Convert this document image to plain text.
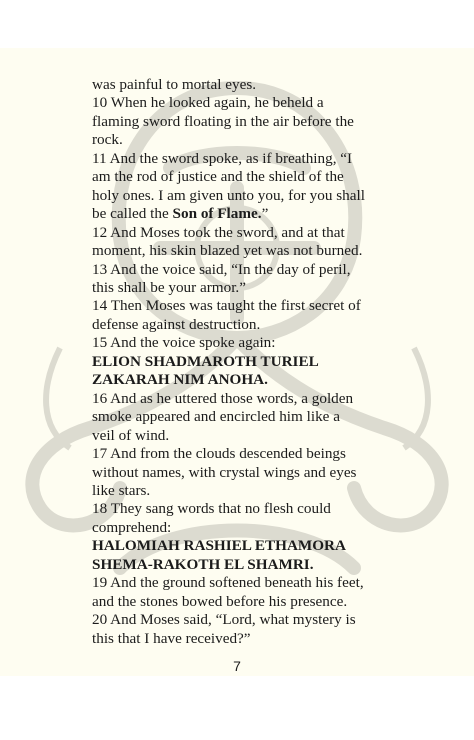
was painful to mortal eyes.

10 When he looked again, he beheld a

flaming sword floating in the air before the

rock.

11 And the sword spoke, as if breathing, “I

am the rod of justice and the shield of the

holy ones. I am given unto you, for you shall

be called the Son of Flame.”

12 And Moses took the sword, and at that

moment, his skin blazed yet was not burned.

13 And the voice said, “In the day of peril,

this shall be your armor.”

14 Then Moses was taught the first secret of

defense against destruction.

15 And the voice spoke again:

ELION SHADMAROTH TURIEL

ZAKARAH NIM ANOHA.

16 And as he uttered those words, a golden

smoke appeared and encircled him like a

veil of wind.

17 And from the clouds descended beings

without names, with crystal wings and eyes

like stars.

18 They sang words that no flesh could

comprehend:

HALOMIAH RASHIEL ETHAMORA

SHEMA-RAKOTH EL SHAMRI.

19 And the ground softened beneath his feet,

and the stones bowed before his presence.

20 And Moses said, “Lord, what mystery is

this that I have received?”

7
